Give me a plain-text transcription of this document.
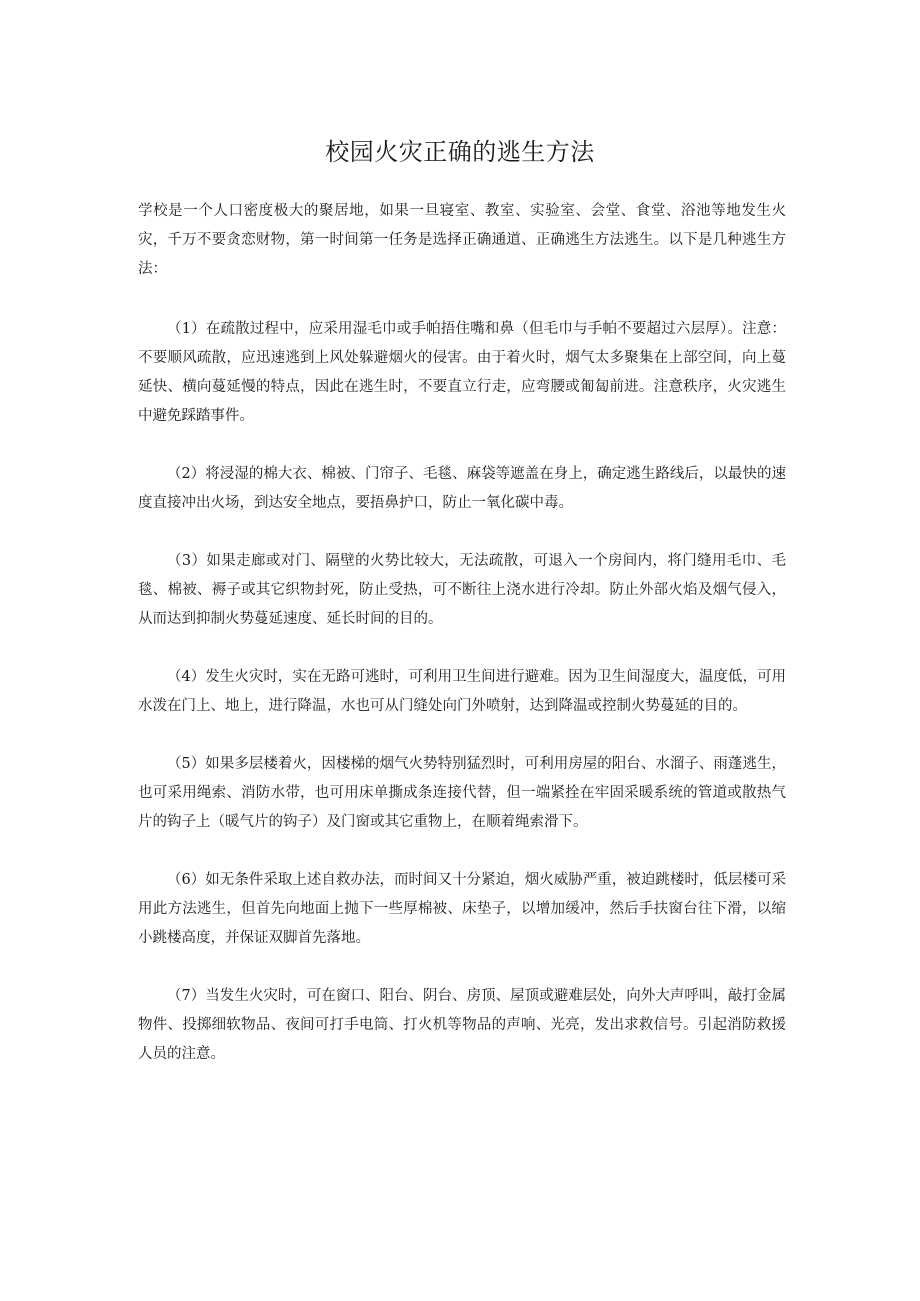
校园火灾正确的逃生方法

学校是一个人口密度极大的聚居地，如果一旦寝室、教室、实验室、会堂、食堂、浴池等地发生火灾，千万不要贪恋财物，第一时间第一任务是选择正确通道、正确逃生方法逃生。以下是几种逃生方法：

（1）在疏散过程中，应采用湿毛巾或手帕捂住嘴和鼻（但毛巾与手帕不要超过六层厚）。注意：不要顺风疏散，应迅速逃到上风处躲避烟火的侵害。由于着火时，烟气太多聚集在上部空间，向上蔓延快、横向蔓延慢的特点，因此在逃生时，不要直立行走，应弯腰或匍匐前进。注意秩序，火灾逃生中避免踩踏事件。

（2）将浸湿的棉大衣、棉被、门帘子、毛毯、麻袋等遮盖在身上，确定逃生路线后，以最快的速度直接冲出火场，到达安全地点，要捂鼻护口，防止一氧化碳中毒。

（3）如果走廊或对门、隔壁的火势比较大，无法疏散，可退入一个房间内，将门缝用毛巾、毛毯、棉被、褥子或其它织物封死，防止受热，可不断往上浇水进行冷却。防止外部火焰及烟气侵入，从而达到抑制火势蔓延速度、延长时间的目的。

（4）发生火灾时，实在无路可逃时，可利用卫生间进行避难。因为卫生间湿度大，温度低，可用水泼在门上、地上，进行降温，水也可从门缝处向门外喷射，达到降温或控制火势蔓延的目的。

（5）如果多层楼着火，因楼梯的烟气火势特别猛烈时，可利用房屋的阳台、水溜子、雨蓬逃生，也可采用绳索、消防水带，也可用床单撕成条连接代替，但一端紧拴在牢固采暖系统的管道或散热气片的钩子上（暖气片的钩子）及门窗或其它重物上，在顺着绳索滑下。

（6）如无条件采取上述自救办法，而时间又十分紧迫，烟火威胁严重，被迫跳楼时，低层楼可采用此方法逃生，但首先向地面上抛下一些厚棉被、床垫子，以增加缓冲，然后手扶窗台往下滑，以缩小跳楼高度，并保证双脚首先落地。

（7）当发生火灾时，可在窗口、阳台、阴台、房顶、屋顶或避难层处，向外大声呼叫，敲打金属物件、投掷细软物品、夜间可打手电筒、打火机等物品的声响、光亮，发出求救信号。引起消防救援人员的注意。
